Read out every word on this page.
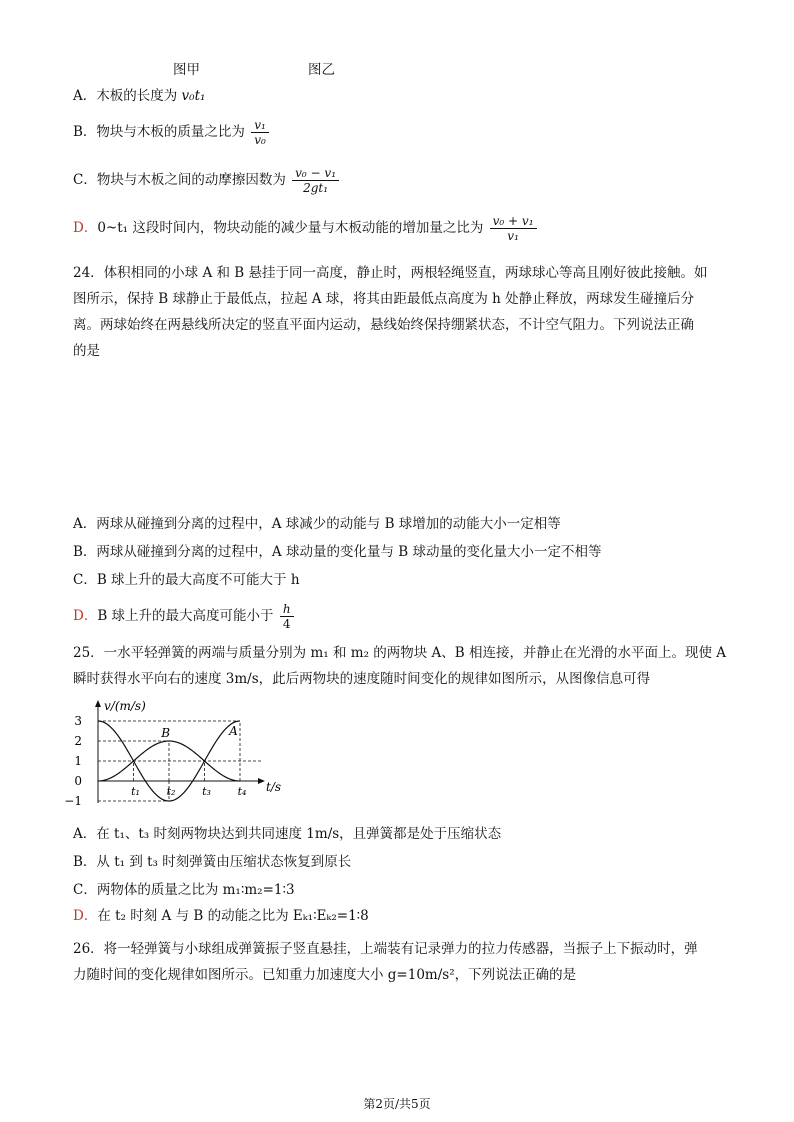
图甲	图乙
A．木板的长度为 v₀t₁
B．物块与木板的质量之比为 $\frac{\text{v₁}}{\text{v₀}}$
C．物块与木板之间的动摩擦因数为 $\frac{\text{v₀ − v₁}}{\text{2gt₁}}$
D．0~t₁ 这段时间内，物块动能的减少量与木板动能的增加量之比为 $\frac{\text{v₀ + v₁}}{\text{v₁}}$
24．体积相同的小球 A 和 B 悬挂于同一高度，静止时，两根轻绳竖直，两球球心等高且刚好彼此接触。如
图所示，保持 B 球静止于最低点，拉起 A 球，将其由距最低点高度为 h 处静止释放，两球发生碰撞后分
离。两球始终在两悬线所决定的竖直平面内运动，悬线始终保持绷紧状态，不计空气阻力。下列说法正确
的是
A．两球从碰撞到分离的过程中，A 球减少的动能与 B 球增加的动能大小一定相等
B．两球从碰撞到分离的过程中，A 球动量的变化量与 B 球动量的变化量大小一定不相等
C．B 球上升的最大高度不可能大于 h
D．B 球上升的最大高度可能小于 $\frac{h}{4}$
25．一水平轻弹簧的两端与质量分别为 m₁ 和 m₂ 的两物块 A、B 相连接，并静止在光滑的水平面上。现使 A
瞬时获得水平向右的速度 3m/s，此后两物块的速度随时间变化的规律如图所示，从图像信息可得
A
B
3
2
1
0
−1
t₁ t₂ t₃ t₄
v/(m/s)
t/s
A．在 t₁、t₃ 时刻两物块达到共同速度 1m/s，且弹簧都是处于压缩状态
B．从 t₁ 到 t₃ 时刻弹簧由压缩状态恢复到原长
C．两物体的质量之比为 m₁∶m₂=1∶3
D．在 t₂ 时刻 A 与 B 的动能之比为 Eₖ₁∶Eₖ₂=1∶8
26．将一轻弹簧与小球组成弹簧振子竖直悬挂，上端装有记录弹力的拉力传感器，当振子上下振动时，弹
力随时间的变化规律如图所示。已知重力加速度大小 g=10m/s²，下列说法正确的是
第2页/共5页
